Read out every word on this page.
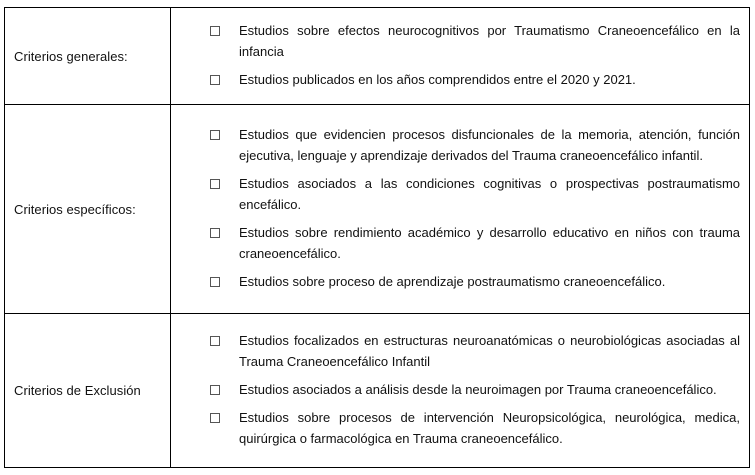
Criterios generales:	Estudios sobre efectos neurocognitivos por Traumatismo Craneoencefálico en la infancia
Estudios publicados en los años comprendidos entre el 2020 y 2021.

Criterios específicos:	Estudios que evidencien procesos disfuncionales de la memoria, atención, función ejecutiva, lenguaje y aprendizaje derivados del Trauma craneoencefálico infantil.
Estudios asociados a las condiciones cognitivas o prospectivas postraumatismo encefálico.
Estudios sobre rendimiento académico y desarrollo educativo en niños con trauma craneoencefálico.
Estudios sobre proceso de aprendizaje postraumatismo craneoencefálico.

Criterios de Exclusión	Estudios focalizados en estructuras neuroanatómicas o neurobiológicas asociadas al Trauma Craneoencefálico Infantil
Estudios asociados a análisis desde la neuroimagen por Trauma craneoencefálico.
Estudios sobre procesos de intervención Neuropsicológica, neurológica, medica, quirúrgica o farmacológica en Trauma craneoencefálico.
